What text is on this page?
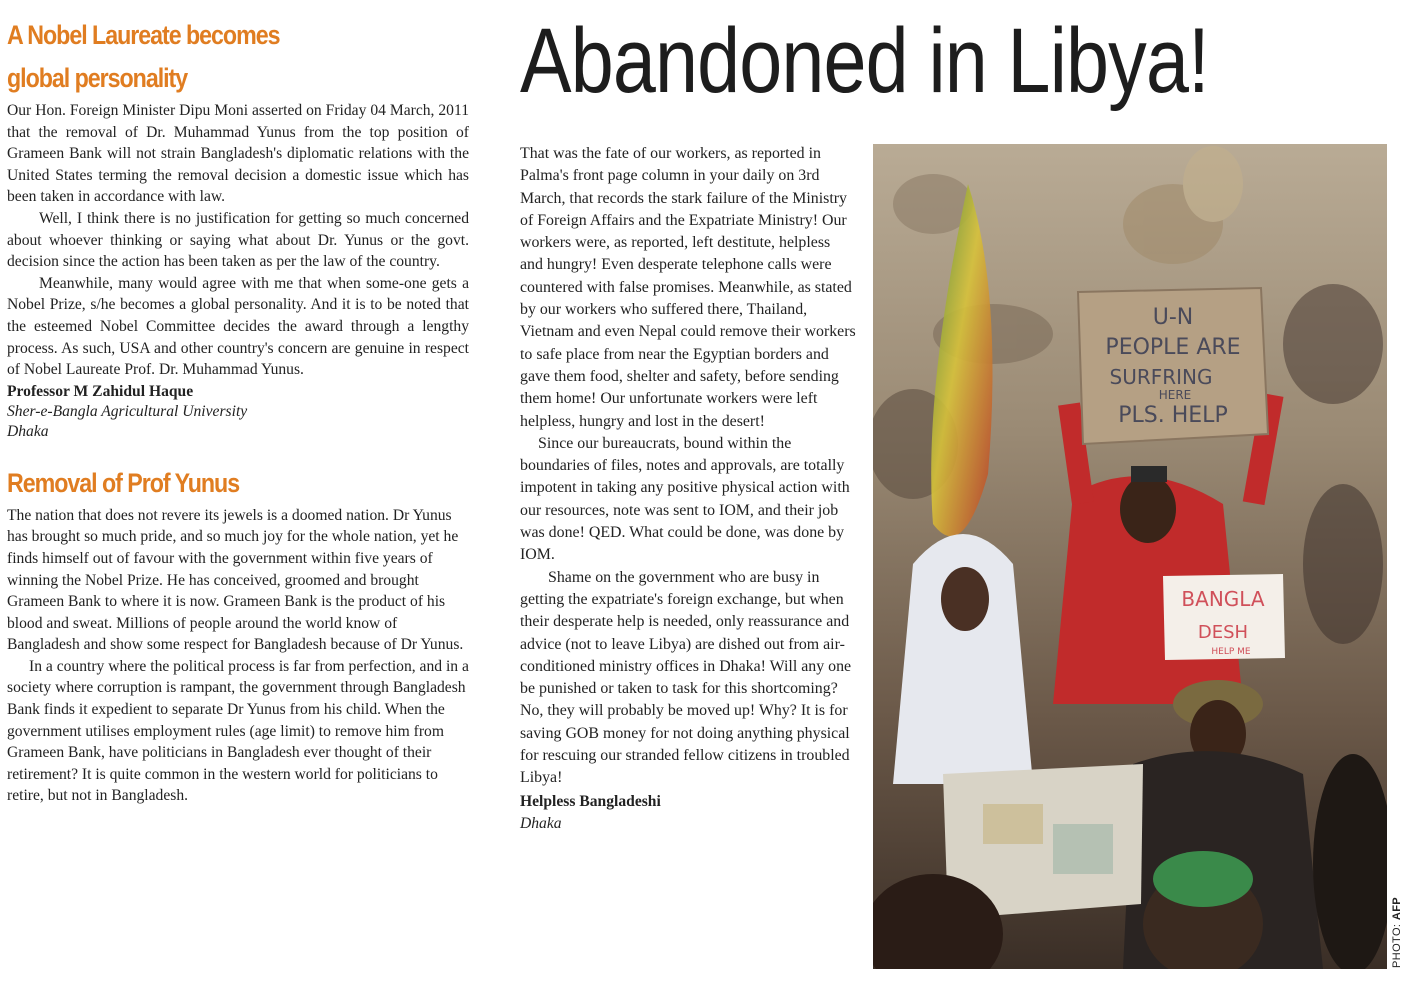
A Nobel Laureate becomes
global personality

Our Hon. Foreign Minister Dipu Moni asserted on Friday 04 March, 2011 that the removal of Dr. Muhammad Yunus from the top position of Grameen Bank will not strain Bangladesh's diplomatic relations with the United States terming the removal decision a domestic issue which has been taken in accordance with law.

Well, I think there is no justification for getting so much concerned about whoever thinking or saying what about Dr. Yunus or the govt. decision since the action has been taken as per the law of the country.

Meanwhile, many would agree with me that when some-one gets a Nobel Prize, s/he becomes a global personality. And it is to be noted that the esteemed Nobel Committee decides the award through a lengthy process. As such, USA and other country's concern are genuine in respect of Nobel Laureate Prof. Dr. Muhammad Yunus.

Professor M Zahidul Haque
Sher-e-Bangla Agricultural University
Dhaka
Removal of Prof Yunus

The nation that does not revere its jewels is a doomed nation. Dr Yunus has brought so much pride, and so much joy for the whole nation, yet he finds himself out of favour with the government within five years of winning the Nobel Prize. He has conceived, groomed and brought Grameen Bank to where it is now. Grameen Bank is the product of his blood and sweat. Millions of people around the world know of Bangladesh and show some respect for Bangladesh because of Dr Yunus.

In a country where the political process is far from perfection, and in a society where corruption is rampant, the government through Bangladesh Bank finds it expedient to separate Dr Yunus from his child. When the government utilises employment rules (age limit) to remove him from Grameen Bank, have politicians in Bangladesh ever thought of their retirement? It is quite common in the western world for politicians to retire, but not in Bangladesh.

Abandoned in Libya!

That was the fate of our workers, as reported in Palma's front page column in your daily on 3rd March, that records the stark failure of the Ministry of Foreign Affairs and the Expatriate Ministry! Our workers were, as reported, left destitute, helpless and hungry! Even desperate telephone calls were countered with false promises. Meanwhile, as stated by our workers who suffered there, Thailand, Vietnam and even Nepal could remove their workers to safe place from near the Egyptian borders and gave them food, shelter and safety, before sending them home! Our unfortunate workers were left helpless, hungry and lost in the desert!

Since our bureaucrats, bound within the boundaries of files, notes and approvals, are totally impotent in taking any positive physical action with our resources, note was sent to IOM, and their job was done! QED. What could be done, was done by IOM.

Shame on the government who are busy in getting the expatriate's foreign exchange, but when their desperate help is needed, only reassurance and advice (not to leave Libya) are dished out from air-conditioned ministry offices in Dhaka! Will any one be punished or taken to task for this shortcoming? No, they will probably be moved up! Why? It is for saving GOB money for not doing anything physical for rescuing our stranded fellow citizens in troubled Libya!

Helpless Bangladeshi
Dhaka
U-N
PEOPLE ARE
SURFRING
HERE
PLS. HELP
BANGLA
DESH
HELP ME
PHOTO: AFP
